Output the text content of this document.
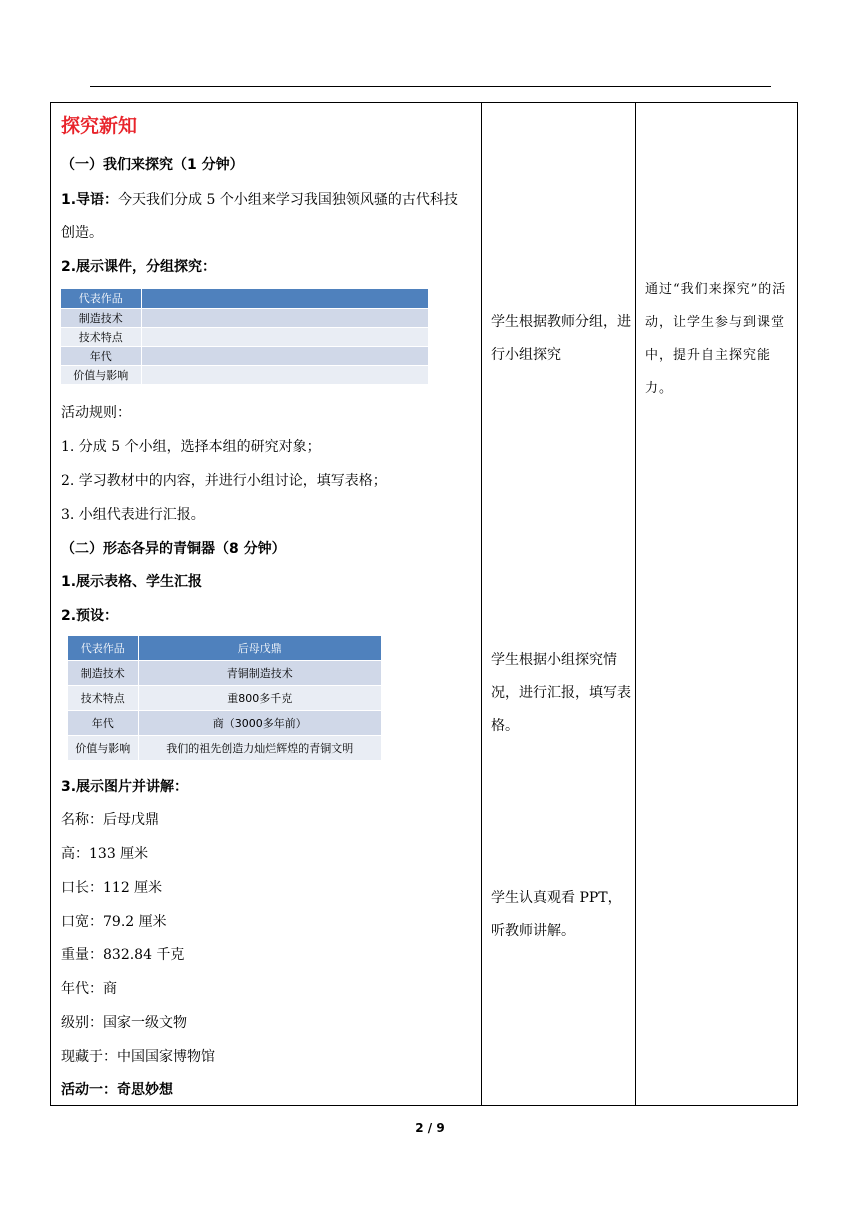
探究新知
（一）我们来探究（1 分钟）
1.导语：今天我们分成 5 个小组来学习我国独领风骚的古代科技
创造。
2.展示课件，分组探究：
代表作品	
制造技术	
技术特点	
年代	
价值与影响	
活动规则：
1. 分成 5 个小组，选择本组的研究对象；
2. 学习教材中的内容，并进行小组讨论，填写表格；
3. 小组代表进行汇报。
（二）形态各异的青铜器（8 分钟）
1.展示表格、学生汇报
2.预设：
代表作品	后母戊鼎
制造技术	青铜制造技术
技术特点	重800多千克
年代	商（3000多年前）
价值与影响	我们的祖先创造力灿烂辉煌的青铜文明
3.展示图片并讲解：
名称：后母戊鼎
高：133 厘米
口长：112 厘米
口宽：79.2 厘米
重量：832.84 千克
年代：商
级别：国家一级文物
现藏于：中国国家博物馆
活动一：奇思妙想
学生根据教师分组，进行小组探究
学生根据小组探究情况，进行汇报，填写表格。
学生认真观看 PPT，听教师讲解。
通过“我们来探究”的活动，让学生参与到课堂中，提升自主探究能力。
2 / 9
